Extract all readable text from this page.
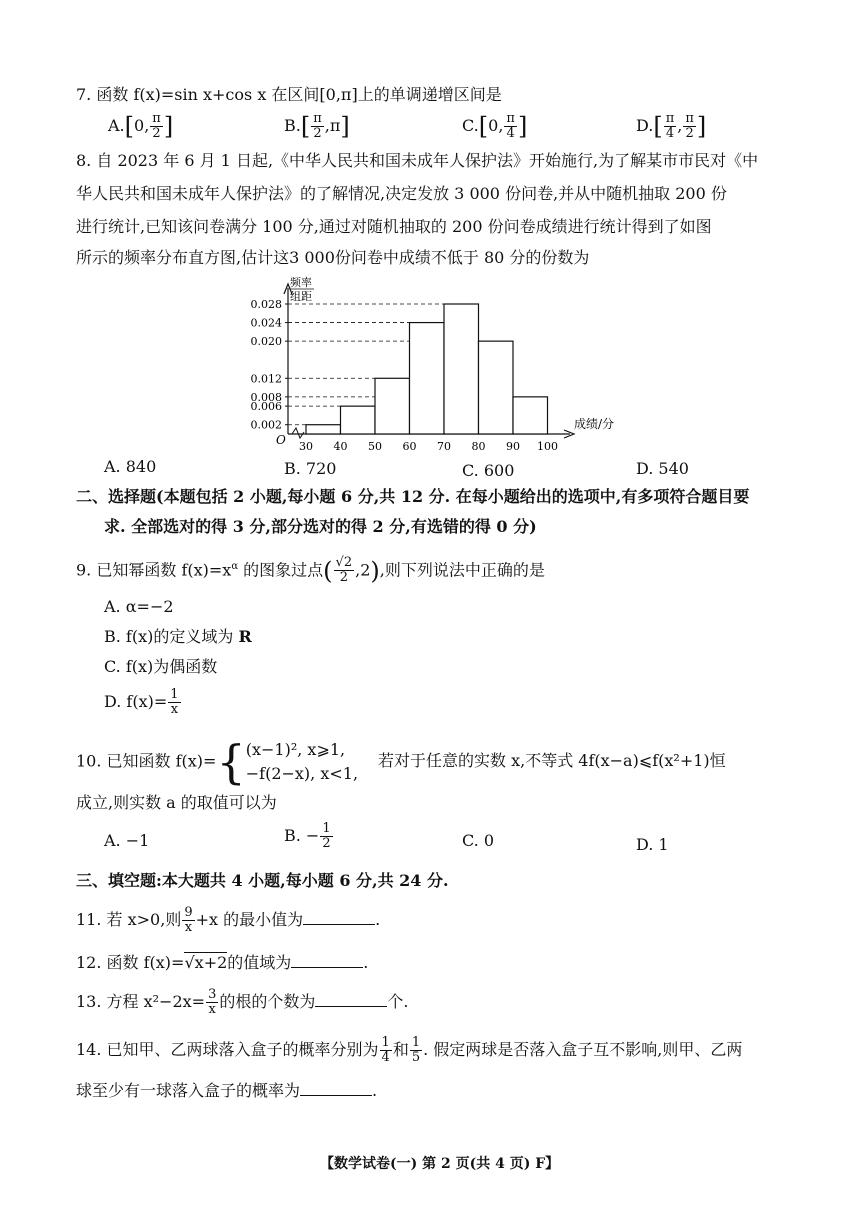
7. 函数 f(x)=sin x+cos x 在区间[0,π]上的单调递增区间是
A.[0, $\frac{\pi}{2}$ ]	$B.[ \frac{\pi}{2} ,\pi]$	C.[0, $\frac{\pi}{4}$ ]	$D.[ \frac{\pi}{4}$ , $\frac{\pi}{2}$ ]
8. 自 2023 年 6 月 1 日起,《中华人民共和国未成年人保护法》开始施行,为了解某市市民对《中
华人民共和国未成年人保护法》的了解情况,决定发放 3 000 份问卷,并从中随机抽取 200 份
进行统计,已知该问卷满分 100 分,通过对随机抽取的 200 份问卷成绩进行统计得到了如图
所示的频率分布直方图,估计这3 000份问卷中成绩不低于 80 分的份数为
频率
组距
O
成绩/分
0.002
0.006
0.008
0.012
0.020
0.024
0.028
30 40 50 60 70 80 90 100
A. 840	B. 720	C. 600	D. 540
二、选择题(本题包括 2 小题,每小题 6 分,共 12 分. 在每小题给出的选项中,有多项符合题目要
求. 全部选对的得 3 分,部分选对的得 2 分,有选错的得 0 分)
9. 已知幂函数 $f(x)=x^\alpha$ 的图象过点( $\frac{√2}{2} ,2$),则下列说法中正确的是
A. α=−2
B. f(x)的定义域为 R
C. f(x)为偶函数
D. $f(x)= \frac{1}{x}$
10. 已知函数 f(x)={ (x−1)², x⩾1,
−f(2−x), x<1,
若对于任意的实数 x,不等式 4f(x−a)⩽f(x²+1)恒
成立,则实数 a 的取值可以为
A. −1	B. − $\frac{1}{2}$	C. 0	D. 1
三、填空题:本大题共 4 小题,每小题 6 分,共 24 分.
11. 若 x>0,则 $\frac{9}{x} +x$ 的最小值为	.
12. 函数 f(x)=√x+2的值域为	.
13. 方程 $x^2-2x= \frac{3}{x}$ 的根的个数为	个.
14. 已知甲、乙两球落入盒子的概率分别为 $\frac{1}{4}$ 和 $\frac{1}{5}$ . 假定两球是否落入盒子互不影响,则甲、乙两
球至少有一球落入盒子的概率为	.
【数学试卷(一) 第 2 页(共 4 页) F】
